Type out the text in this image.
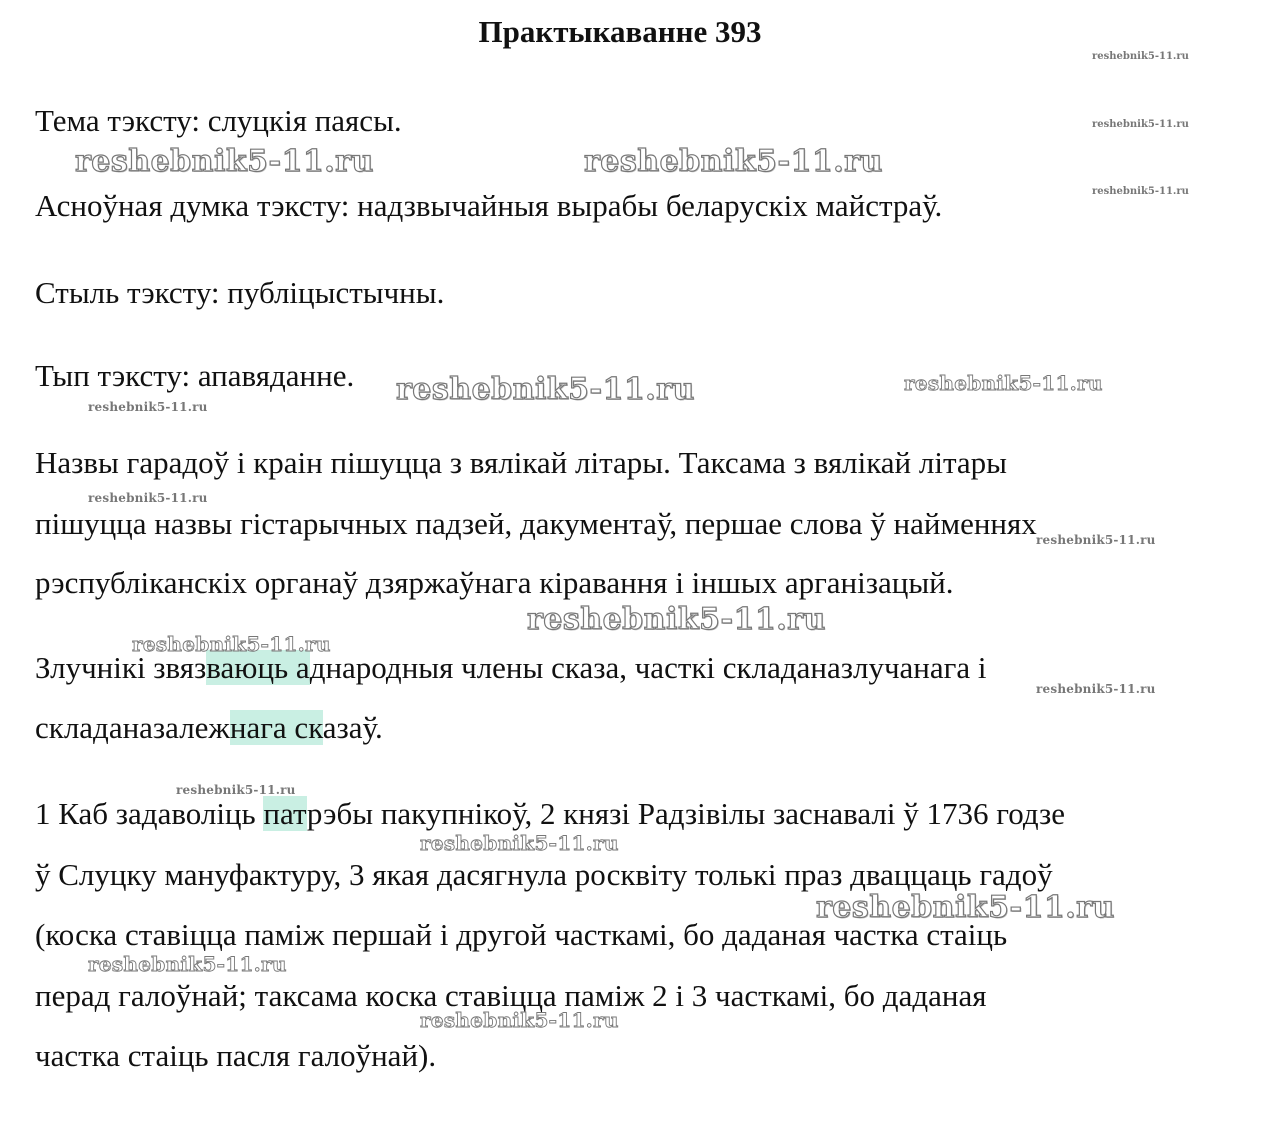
Практыкаванне 393

Тема тэксту: слуцкія паясы.

Асноўная думка тэксту: надзвычайныя вырабы беларускіх майстраў.

Стыль тэксту: публіцыстычны.

Тып тэксту: апавяданне.

Назвы гарадоў і краін пішуцца з вялікай літары. Таксама з вялікай літары

пішуцца назвы гістарычных падзей, дакументаў, першае слова ў найменнях

рэспубліканскіх органаў дзяржаўнага кіравання і іншых арганізацый.

Злучнікі звязваюць аднародныя члены сказа, часткі складаназлучанага і

складаназалежнага сказаў.

1 Каб задаволіць патрэбы пакупнікоў, 2 князі Радзівілы заснавалі ў 1736 годзе

ў Слуцку мануфактуру, 3 якая дасягнула росквіту толькі праз дваццаць гадоў

(коска ставіцца паміж першай і другой часткамі, бо даданая частка стаіць

перад галоўнай; таксама коска ставіцца паміж 2 і 3 часткамі, бо даданая

частка стаіць пасля галоўнай).

reshebnik5-11.ru
reshebnik5-11.ru
reshebnik5-11.ru
reshebnik5-11.ru	reshebnik5-11.ru
reshebnik5-11.ru	reshebnik5-11.ru
reshebnik5-11.ru
reshebnik5-11.ru
reshebnik5-11.ru
reshebnik5-11.ru
reshebnik5-11.ru
reshebnik5-11.ru
reshebnik5-11.ru
reshebnik5-11.ru
reshebnik5-11.ru
reshebnik5-11.ru
reshebnik5-11.ru
